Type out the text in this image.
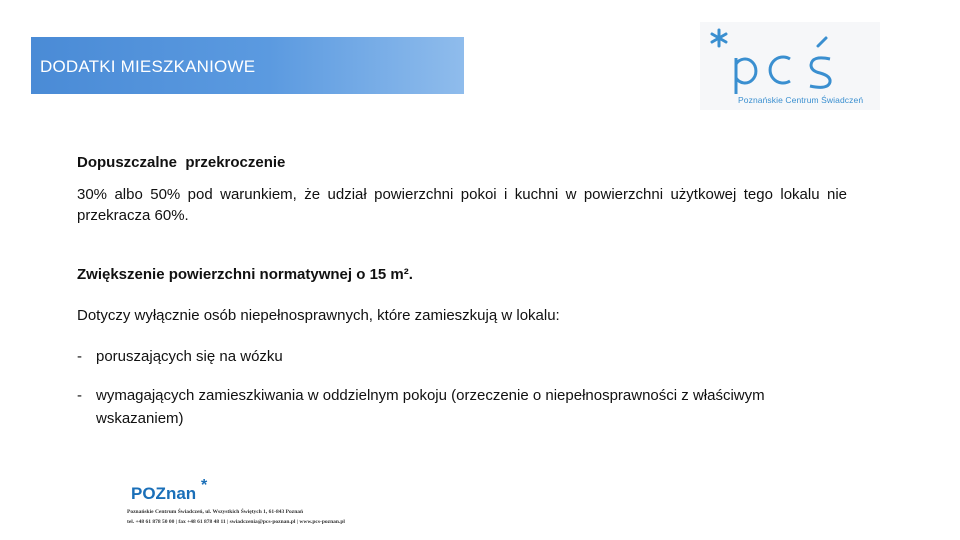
DODATKI MIESZKANIOWE
Poznańskie Centrum Świadczeń
Dopuszczalne  przekroczenie
30% albo 50% pod warunkiem, że udział powierzchni pokoi i kuchni w powierzchni użytkowej tego lokalu nie przekracza 60%.
Zwiększenie powierzchni normatywnej o 15 m².
Dotyczy wyłącznie osób niepełnosprawnych, które zamieszkują w lokalu:
- poruszających się na wózku
- wymagających zamieszkiwania w oddzielnym pokoju (orzeczenie o niepełnosprawności z właściwym wskazaniem)
POZnan *
Poznańskie Centrum Świadczeń, ul. Wszystkich Świętych 1, 61-843 Poznań
tel. +48 61 878 50 00 | fax +48 61 878 48 11 | swiadczenia@pcs-poznan.pl | www.pcs-poznan.pl
